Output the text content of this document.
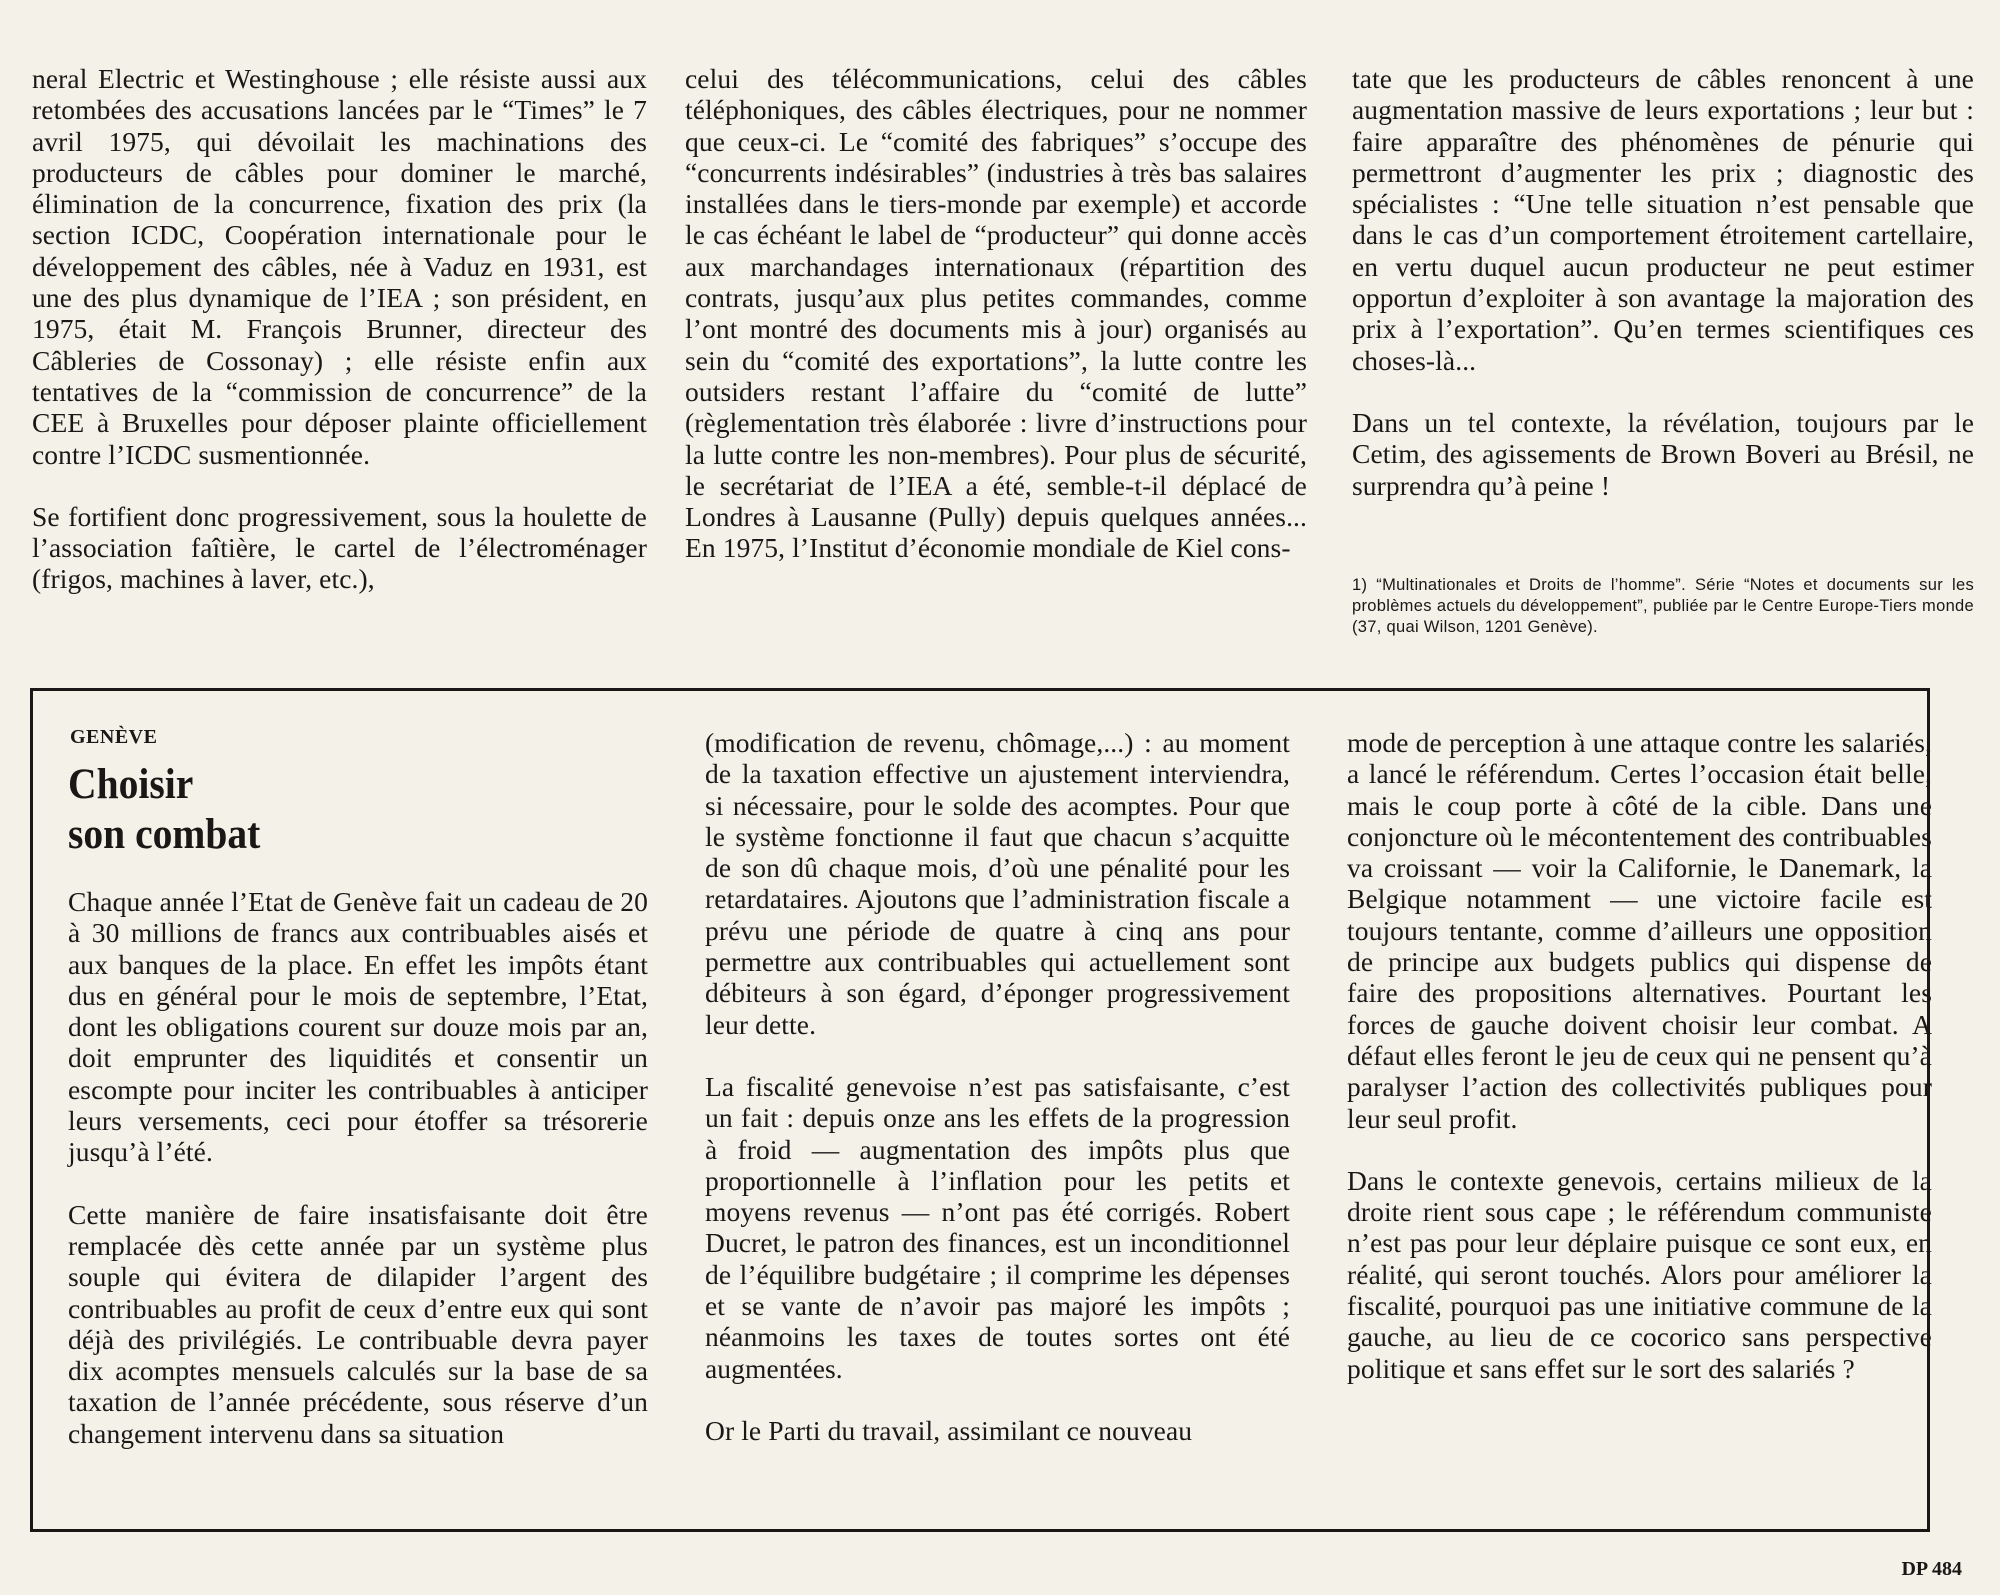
neral Electric et Westinghouse ; elle résiste aussi aux retombées des accusations lancées par le “Times” le 7 avril 1975, qui dévoilait les machinations des producteurs de câbles pour dominer le marché, élimination de la concurrence, fixation des prix (la section ICDC, Coopération internationale pour le développement des câbles, née à Vaduz en 1931, est une des plus dynamique de l’IEA ; son président, en 1975, était M. François Brunner, directeur des Câbleries de Cossonay) ; elle résiste enfin aux tentatives de la “commission de concurrence” de la CEE à Bruxelles pour déposer plainte officiellement contre l’ICDC susmentionnée.

Se fortifient donc progressivement, sous la houlette de l’association faîtière, le cartel de l’électroménager (frigos, machines à laver, etc.),

celui des télécommunications, celui des câbles téléphoniques, des câbles électriques, pour ne nommer que ceux-ci. Le “comité des fabriques” s’occupe des “concurrents indésirables” (industries à très bas salaires installées dans le tiers-monde par exemple) et accorde le cas échéant le label de “producteur” qui donne accès aux marchandages internationaux (répartition des contrats, jusqu’aux plus petites commandes, comme l’ont montré des documents mis à jour) organisés au sein du “comité des exportations”, la lutte contre les outsiders restant l’affaire du “comité de lutte” (règlementation très élaborée : livre d’instructions pour la lutte contre les non-membres). Pour plus de sécurité, le secrétariat de l’IEA a été, semble-t-il déplacé de Londres à Lausanne (Pully) depuis quelques années... En 1975, l’Institut d’économie mondiale de Kiel cons-

tate que les producteurs de câbles renoncent à une augmentation massive de leurs exportations ; leur but : faire apparaître des phénomènes de pénurie qui permettront d’augmenter les prix ; diagnostic des spécialistes : “Une telle situation n’est pensable que dans le cas d’un comportement étroitement cartellaire, en vertu duquel aucun producteur ne peut estimer opportun d’exploiter à son avantage la majoration des prix à l’exportation”. Qu’en termes scientifiques ces choses-là...

Dans un tel contexte, la révélation, toujours par le Cetim, des agissements de Brown Boveri au Brésil, ne surprendra qu’à peine !

1) “Multinationales et Droits de l’homme”. Série “Notes et documents sur les problèmes actuels du développement”, publiée par le Centre Europe-Tiers monde (37, quai Wilson, 1201 Genève).
GENÈVE
Choisir
son combat

Chaque année l’Etat de Genève fait un cadeau de 20 à 30 millions de francs aux contribuables aisés et aux banques de la place. En effet les impôts étant dus en général pour le mois de septembre, l’Etat, dont les obligations courent sur douze mois par an, doit emprunter des liquidités et consentir un escompte pour inciter les contribuables à anticiper leurs versements, ceci pour étoffer sa trésorerie jusqu’à l’été.

Cette manière de faire insatisfaisante doit être remplacée dès cette année par un système plus souple qui évitera de dilapider l’argent des contribuables au profit de ceux d’entre eux qui sont déjà des privilégiés. Le contribuable devra payer dix acomptes mensuels calculés sur la base de sa taxation de l’année précédente, sous réserve d’un changement intervenu dans sa situation

(modification de revenu, chômage,...) : au moment de la taxation effective un ajustement interviendra, si nécessaire, pour le solde des acomptes. Pour que le système fonctionne il faut que chacun s’acquitte de son dû chaque mois, d’où une pénalité pour les retardataires. Ajoutons que l’administration fiscale a prévu une période de quatre à cinq ans pour permettre aux contribuables qui actuellement sont débiteurs à son égard, d’éponger progressivement leur dette.

La fiscalité genevoise n’est pas satisfaisante, c’est un fait : depuis onze ans les effets de la progression à froid — augmentation des impôts plus que proportionnelle à l’inflation pour les petits et moyens revenus — n’ont pas été corrigés. Robert Ducret, le patron des finances, est un inconditionnel de l’équilibre budgétaire ; il comprime les dépenses et se vante de n’avoir pas majoré les impôts ; néanmoins les taxes de toutes sortes ont été augmentées.

Or le Parti du travail, assimilant ce nouveau

mode de perception à une attaque contre les salariés, a lancé le référendum. Certes l’occasion était belle, mais le coup porte à côté de la cible. Dans une conjoncture où le mécontentement des contribuables va croissant — voir la Californie, le Danemark, la Belgique notamment — une victoire facile est toujours tentante, comme d’ailleurs une opposition de principe aux budgets publics qui dispense de faire des propositions alternatives. Pourtant les forces de gauche doivent choisir leur combat. A défaut elles feront le jeu de ceux qui ne pensent qu’à paralyser l’action des collectivités publiques pour leur seul profit.

Dans le contexte genevois, certains milieux de la droite rient sous cape ; le référendum communiste n’est pas pour leur déplaire puisque ce sont eux, en réalité, qui seront touchés. Alors pour améliorer la fiscalité, pourquoi pas une initiative commune de la gauche, au lieu de ce cocorico sans perspective politique et sans effet sur le sort des salariés ?

DP 484
